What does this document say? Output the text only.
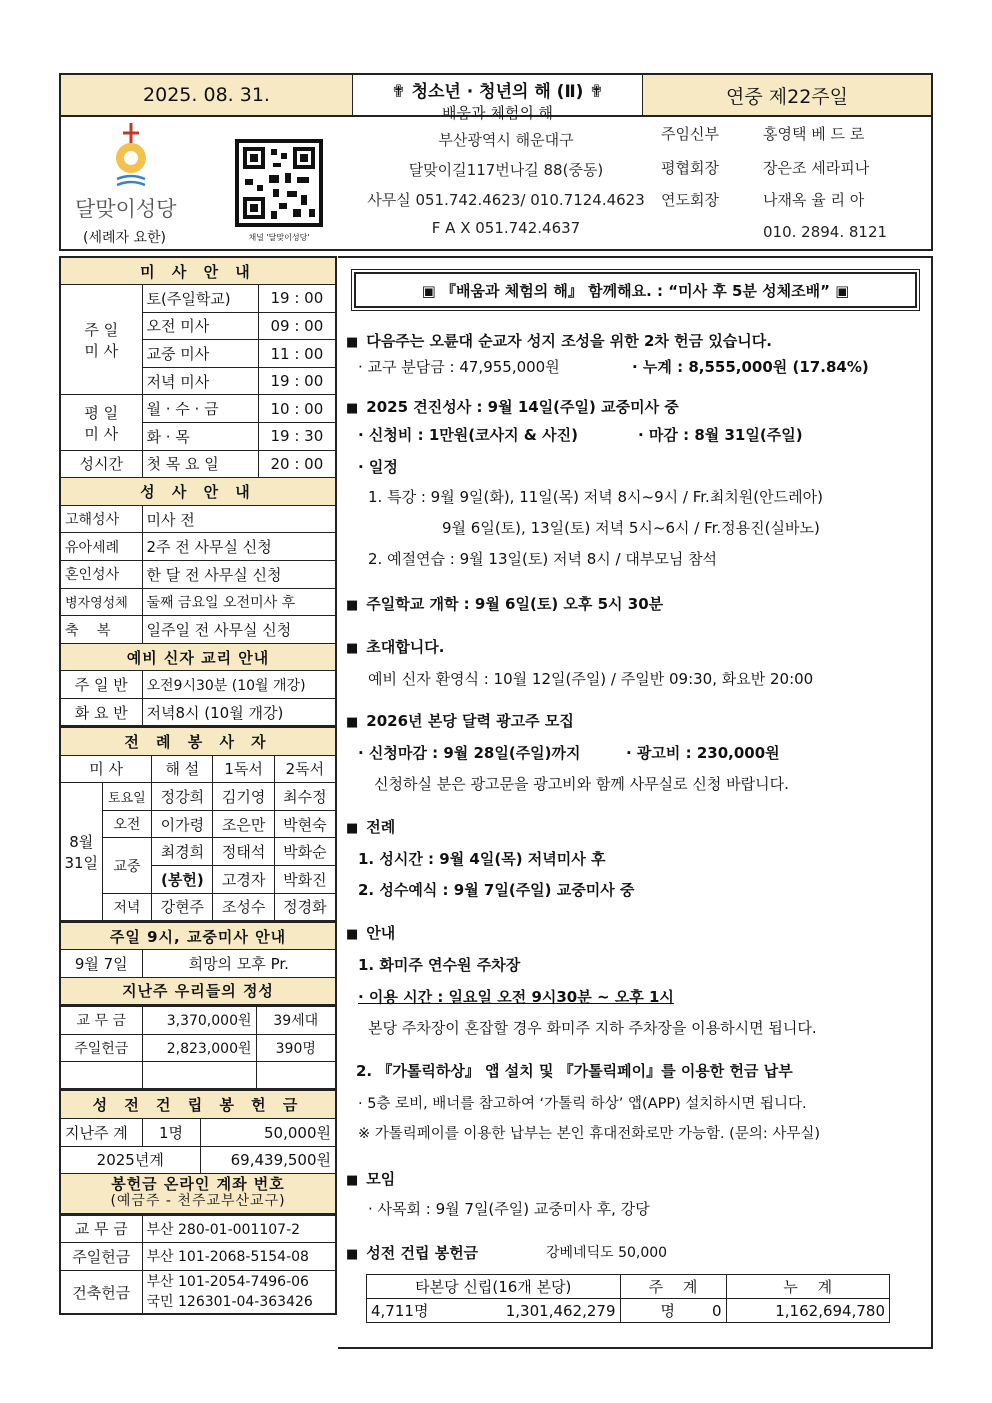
2025. 08. 31.	✟ 청소년 · 청년의 해 (Ⅱ) ✟
배움과 체험의 해
연중 제22주일
달맞이성당
(세례자 요한)	채널 '달맞이성당'
부산광역시 해운대구
달맞이길117번나길 88(중동)
사무실 051.742.4623/ 010.7124.4623
F A X 051.742.4637
주임신부	홍영택 베 드 로
평협회장	장은조 세라피나
연도회장	나재옥 율 리 아
010. 2894. 8121
미 사 안 내		
주 일
미 사	토(주일학교)	19 : 00
	오전 미사	09 : 00
	교중 미사	11 : 00
	저녁 미사	19 : 00
평 일
미 사	월 · 수 · 금	10 : 00
	화 · 목	19 : 30
성시간	첫 목 요 일	20 : 00
성 사 안 내		
고해성사	미사 전	
유아세례	2주 전 사무실 신청	
혼인성사	한 달 전 사무실 신청	
병자영성체	둘째 금요일 오전미사 후	
축　 복	일주일 전 사무실 신청	
예비 신자 교리 안내		
주 일 반	오전9시30분 (10월 개강)	
화 요 반	저녁8시 (10월 개강)	
전 례 봉 사 자				
미 사		해 설	1독서	2독서
8월
31일	토요일	정강희	김기영	최수정
	오전	이가령	조은만	박현숙
	교중	최경희	정태석	박화순
		(봉헌)	고경자	박화진
	저녁	강현주	조성수	정경화
주일 9시, 교중미사 안내
9월 7일	희망의 모후 Pr.
지난주 우리들의 정성
교 무 금	3,370,000원	39세대
주일헌금	2,823,000원	390명

성 전 건 립 봉 헌 금		
지난주 계	1명	50,000원
2025년계		69,439,500원

봉헌금 온라인 계좌 번호
(예금주 - 천주교부산교구)		
교 무 금	부산 280-01-001107-2
주일헌금	부산 101-2068-5154-08
건축헌금	부산 101-2054-7496-06
국민 126301-04-363426
▣ 『배움과 체험의 해』 함께해요. : “미사 후 5분 성체조배” ▣
■ 다음주는 오륜대 순교자 성지 조성을 위한 2차 헌금 있습니다.
· 교구 분담금 : 47,955,000원	· 누계 : 8,555,000원 (17.84%)
■ 2025 견진성사 : 9월 14일(주일) 교중미사 중
· 신청비 : 1만원(코사지 & 사진)	· 마감 : 8월 31일(주일)
· 일정
1. 특강 : 9월 9일(화), 11일(목) 저녁 8시~9시 / Fr.최치원(안드레아)
9월 6일(토), 13일(토) 저녁 5시~6시 / Fr.정용진(실바노)
2. 예절연습 : 9월 13일(토) 저녁 8시 / 대부모님 참석
■ 주일학교 개학 : 9월 6일(토) 오후 5시 30분
■ 초대합니다.
예비 신자 환영식 : 10월 12일(주일) / 주일반 09:30, 화요반 20:00
■ 2026년 본당 달력 광고주 모집
· 신청마감 : 9월 28일(주일)까지	· 광고비 : 230,000원
신청하실 분은 광고문을 광고비와 함께 사무실로 신청 바랍니다.
■ 전례
1. 성시간 : 9월 4일(목) 저녁미사 후
2. 성수예식 : 9월 7일(주일) 교중미사 중
■ 안내
1. 화미주 연수원 주차장
· 이용 시간 : 일요일 오전 9시30분 ~ 오후 1시
본당 주차장이 혼잡할 경우 화미주 지하 주차장을 이용하시면 됩니다.
2. 『가톨릭하상』 앱 설치 및 『가톨릭페이』를 이용한 헌금 납부
· 5층 로비, 배너를 참고하여 ‘가톨릭 하상’ 앱(APP) 설치하시면 됩니다.
※ 가톨릭페이를 이용한 납부는 본인 휴대전화로만 가능함. (문의: 사무실)
■ 모임
· 사목회 : 9월 7일(주일) 교중미사 후, 강당
■ 성전 건립 봉헌금	강베네딕도 50,000
타본당 신립(16개 본당)		주　 계		누　 계
4,711명	1,301,462,279	명	0	1,162,694,780
